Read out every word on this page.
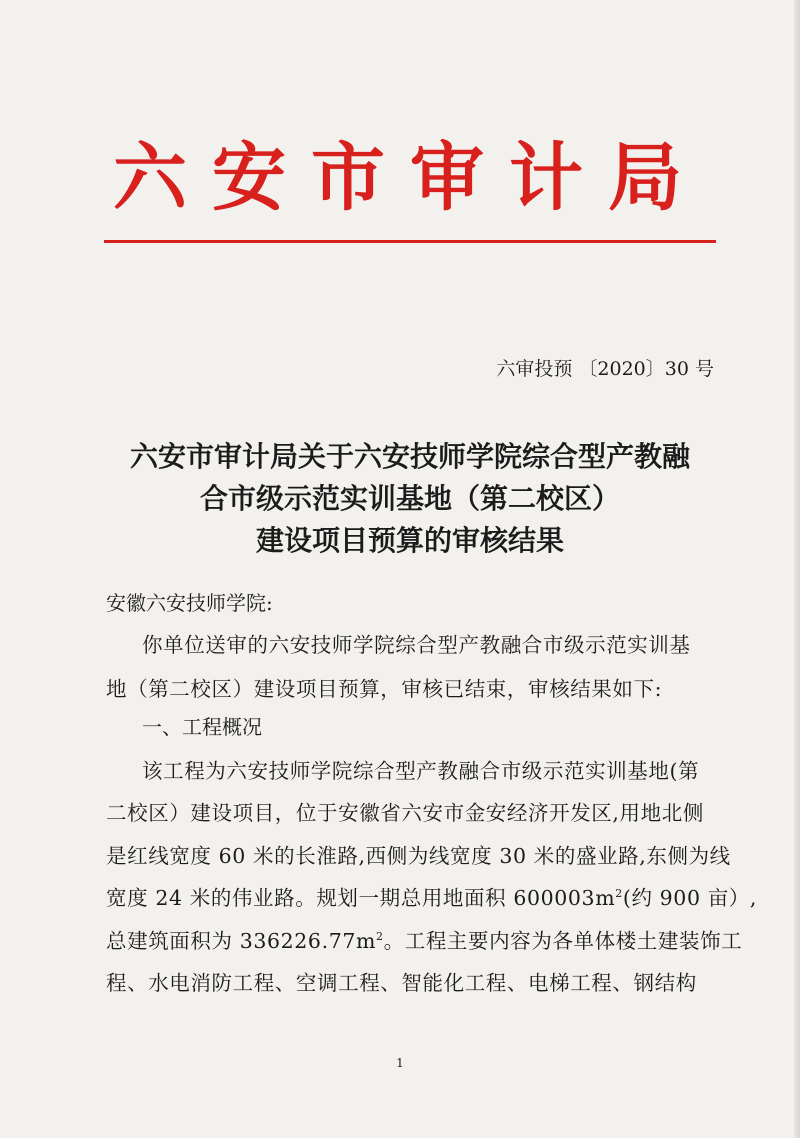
六安市审计局
六审投预 〔2020〕30 号
六安市审计局关于六安技师学院综合型产教融
合市级示范实训基地（第二校区）
建设项目预算的审核结果
安徽六安技师学院:
你单位送审的六安技师学院综合型产教融合市级示范实训基
地（第二校区）建设项目预算，审核已结束，审核结果如下:
一、工程概况
该工程为六安技师学院综合型产教融合市级示范实训基地(第
二校区）建设项目，位于安徽省六安市金安经济开发区,用地北侧
是红线宽度 60 米的长淮路,西侧为线宽度 30 米的盛业路,东侧为线
宽度 24 米的伟业路。规划一期总用地面积 $600003m^2$(约 900 亩）,
总建筑面积为 $336226.77m^2$。工程主要内容为各单体楼土建装饰工
程、水电消防工程、空调工程、智能化工程、电梯工程、钢结构
1
